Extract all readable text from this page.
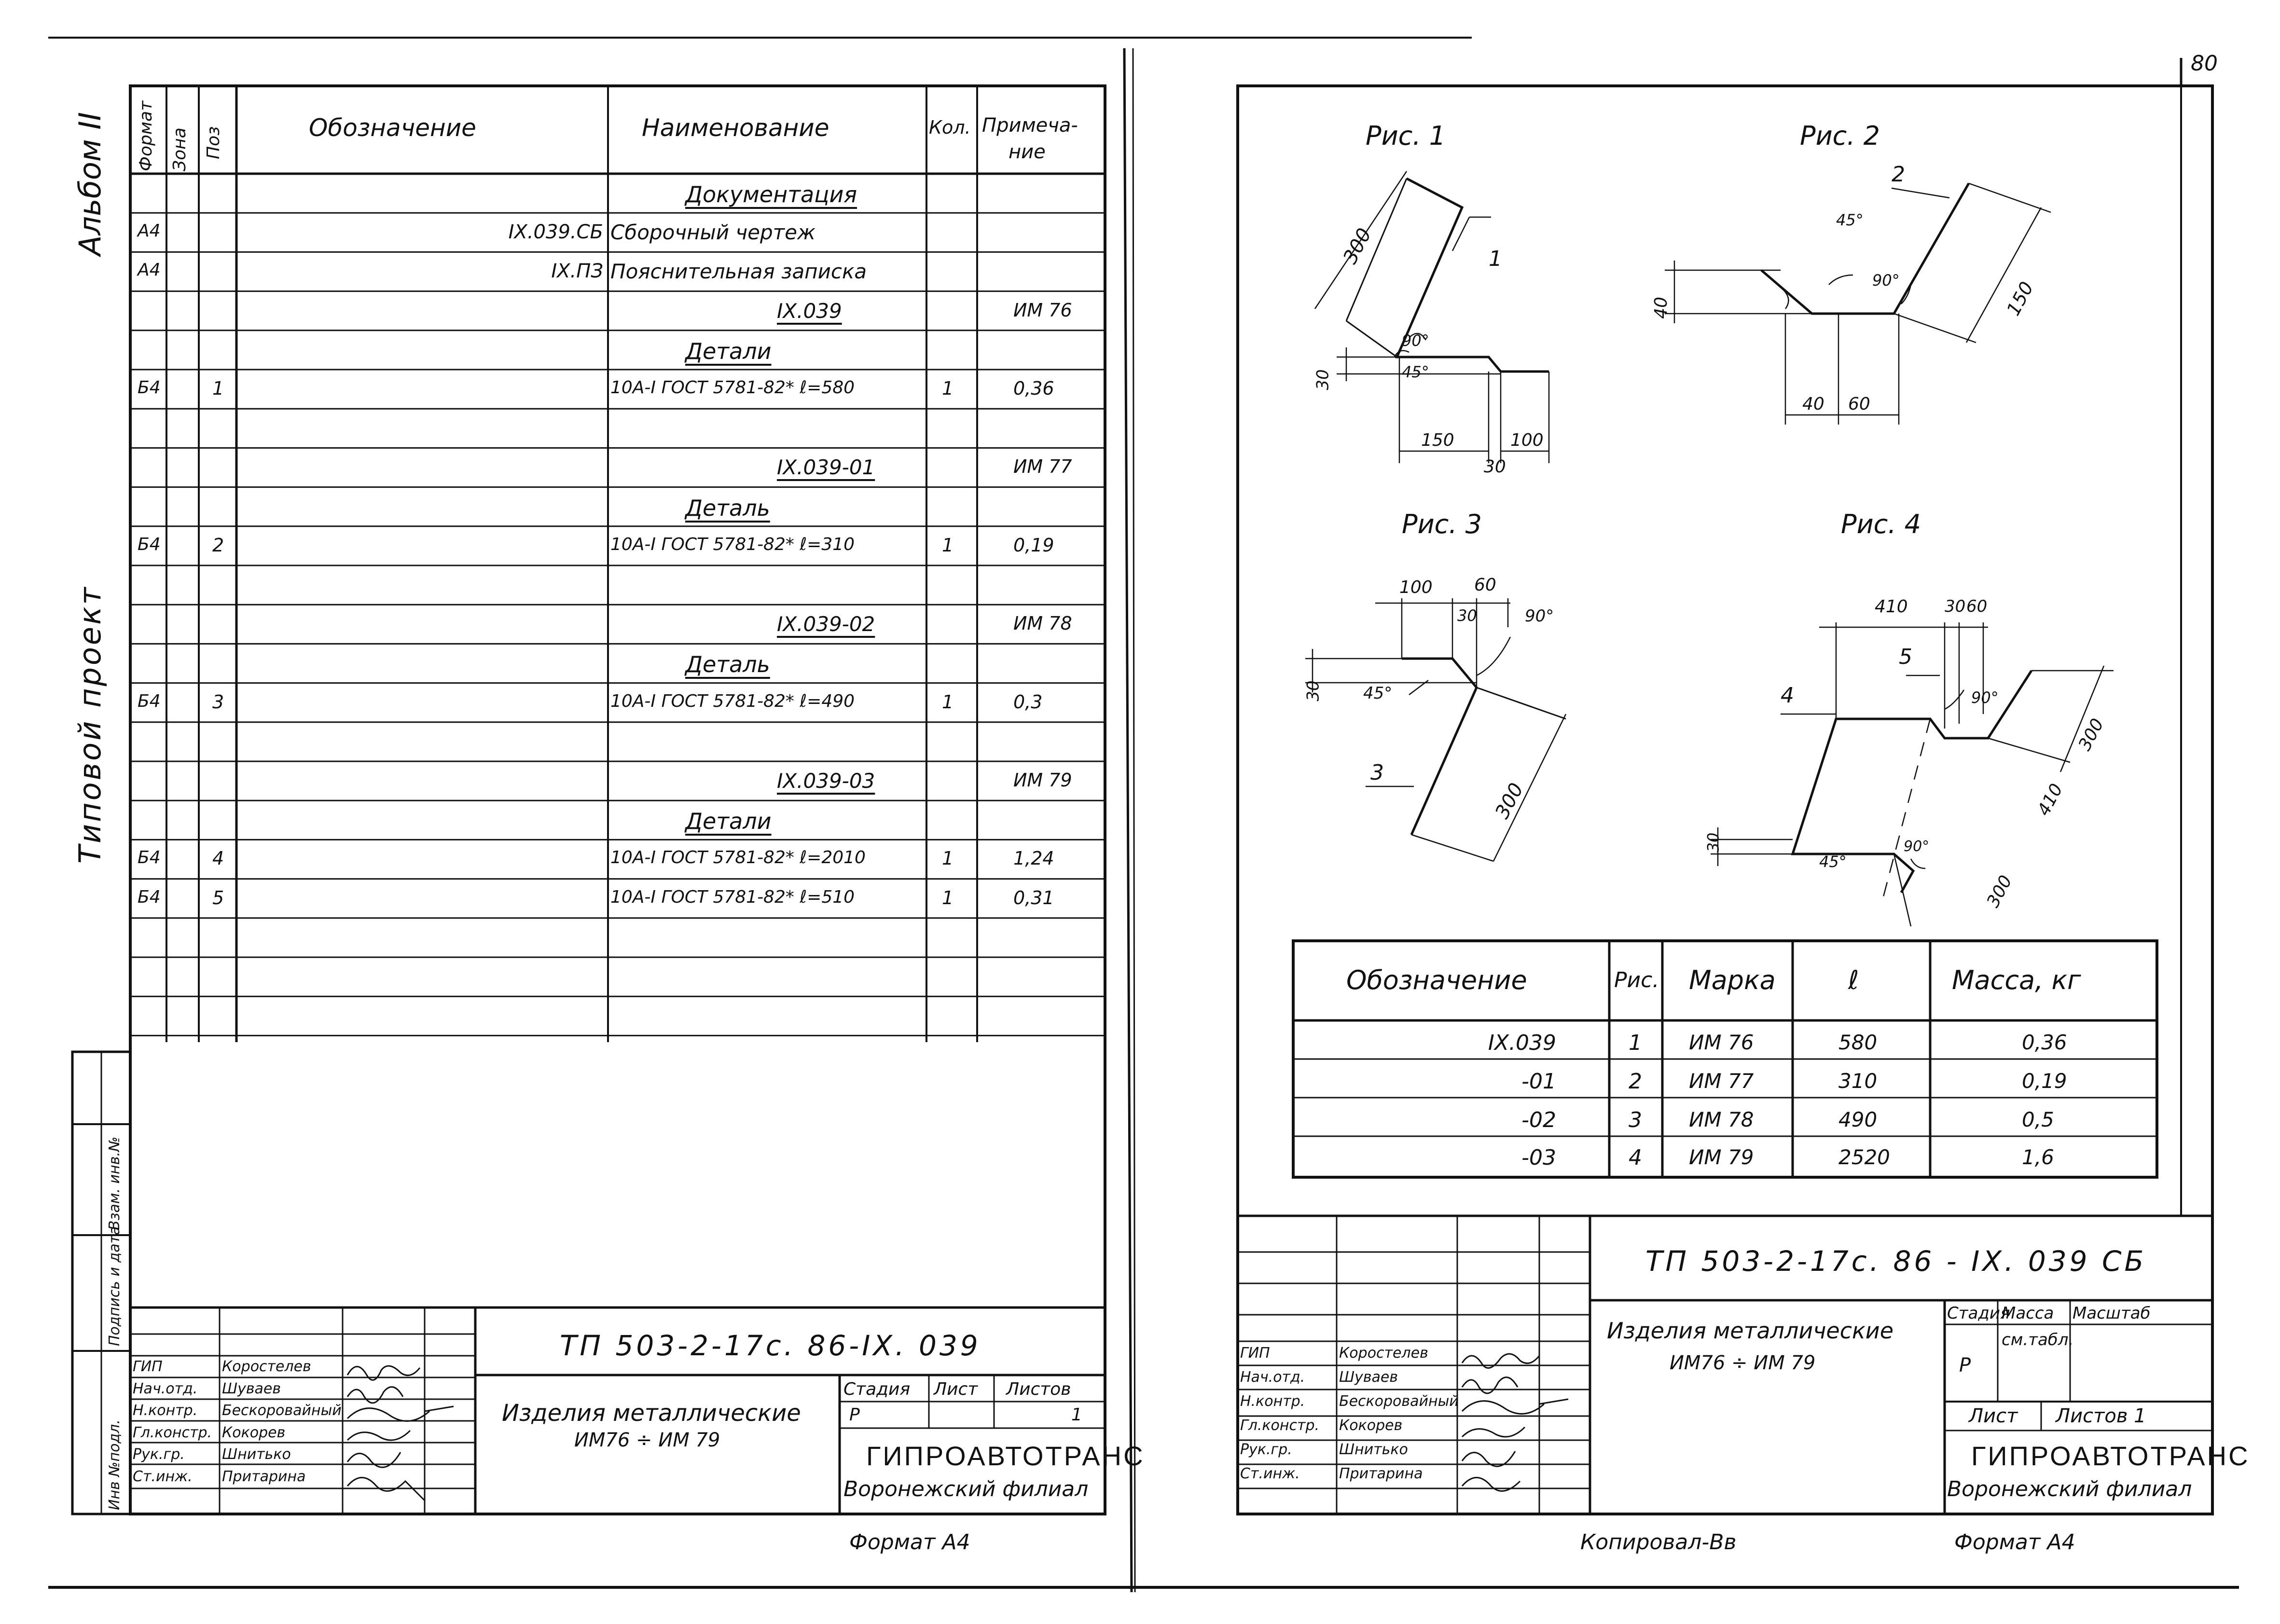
80
Альбом II
Типовой проект
Инв №подл.
Подпись и дата
Взам. инв.№
Формат Зона Поз	Обозначение	Наименование	Кол. Примеча-
ние
Документация
А4	IX.039.СБ Сборочный чертеж
А4	IX.ПЗ Пояснительная записка
IX.039	ИМ 76
Детали
Б4	1	10А-I ГОСТ 5781-82* ℓ=580	1	0,36
IX.039-01	ИМ 77
Деталь
Б4	2	10А-I ГОСТ 5781-82* ℓ=310	1	0,19
IX.039-02	ИМ 78
Деталь
Б4	3	10А-I ГОСТ 5781-82* ℓ=490	1	0,3
IX.039-03	ИМ 79
Детали
Б4	4	10А-I ГОСТ 5781-82* ℓ=2010	1	1,24
Б4	5	10А-I ГОСТ 5781-82* ℓ=510	1	0,31
ТП 503-2-17с. 86-IX. 039
Изделия металлические
ИМ76 ÷ ИМ 79
Стадия Лист Листов
Р	1
ГИПРОАВТОТРАНС
Воронежский филиал
ГИП	Коростелев
Нач.отд. Шуваев
Н.контр. Бескоровайный
Гл.констр. Кокорев
Рук.гр.	Шнитько
Ст.инж. Притарина
Формат А4
Рис. 1	Рис. 2
Рис. 3	Рис. 4
300
30
150
30
100
90°
45°
1
40
40 60
150
45°
90°
2
100 60
30
30
300
90°
45°
3
410 30 60
300
410
300
30
90°
45°
90°
4
5
Обозначение	Рис. Марка	ℓ	Масса, кг
IX.039	1 ИМ 76	580	0,36
-01	2 ИМ 77	310	0,19
-02	3 ИМ 78	490	0,5
-03	4 ИМ 79	2520	1,6
ТП 503-2-17с. 86 - IX. 039 СБ
Изделия металлические
ИМ76 ÷ ИМ 79
Стадия
Масса Масштаб
Р
см.табл.
Лист Листов 1
ГИПРОАВТОТРАНС
Воронежский филиал
ГИП	Коростелев
Нач.отд. Шуваев
Н.контр. Бескоровайный
Гл.констр. Кокорев
Рук.гр.	Шнитько
Ст.инж.	Притарина
Копировал-Вв	Формат А4
